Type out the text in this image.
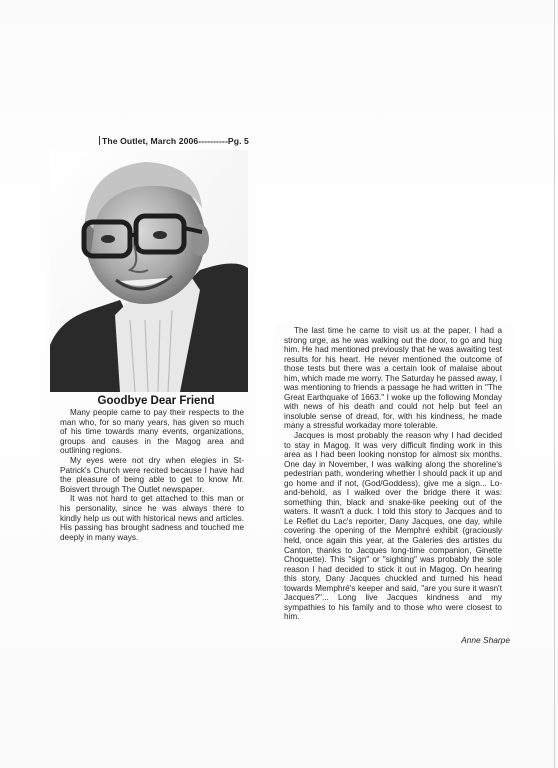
The Outlet, March 2006----------Pg. 5
Goodbye Dear Friend

Many people came to pay their respects to the man who, for so many years, has given so much of his time towards many events, organizations, groups and causes in the Magog area and outlining regions.

My eyes were not dry when elegies in St-Patrick's Church were recited because I have had the pleasure of being able to get to know Mr. Boisvert through The Outlet newspaper.

It was not hard to get attached to this man or his personality, since he was always there to kindly help us out with historical news and articles. His passing has brought sadness and touched me deeply in many ways.

The last time he came to visit us at the paper, I had a strong urge, as he was walking out the door, to go and hug him. He had mentioned previously that he was awaiting test results for his heart. He never mentioned the outcome of those tests but there was a certain look of malaise about him, which made me worry. The Saturday he passed away, I was mentioning to friends a passage he had written in "The Great Earthquake of 1663." I woke up the following Monday with news of his death and could not help but feel an insoluble sense of dread, for, with his kindness, he made many a stressful workaday more tolerable.

Jacques is most probably the reason why I had decided to stay in Magog. It was very difficult finding work in this area as I had been looking nonstop for almost six months. One day in November, I was walking along the shoreline's pedestrian path, wondering whether I should pack it up and go home and if not, (God/Goddess), give me a sign... Lo-and-behold, as I walked over the bridge there it was: something thin, black and snake-like peeking out of the waters. It wasn't a duck. I told this story to Jacques and to Le Reflet du Lac's reporter, Dany Jacques, one day, while covering the opening of the Memphré exhibit (graciously held, once again this year, at the Galeries des artistes du Canton, thanks to Jacques long-time companion, Ginette Choquette). This "sign" or "sighting" was probably the sole reason I had decided to stick it out in Magog. On hearing this story, Dany Jacques chuckled and turned his head towards Memphré's keeper and said, "are you sure it wasn't Jacques?"... Long live Jacques kindness and my sympathies to his family and to those who were closest to him.

Anne Sharpe
